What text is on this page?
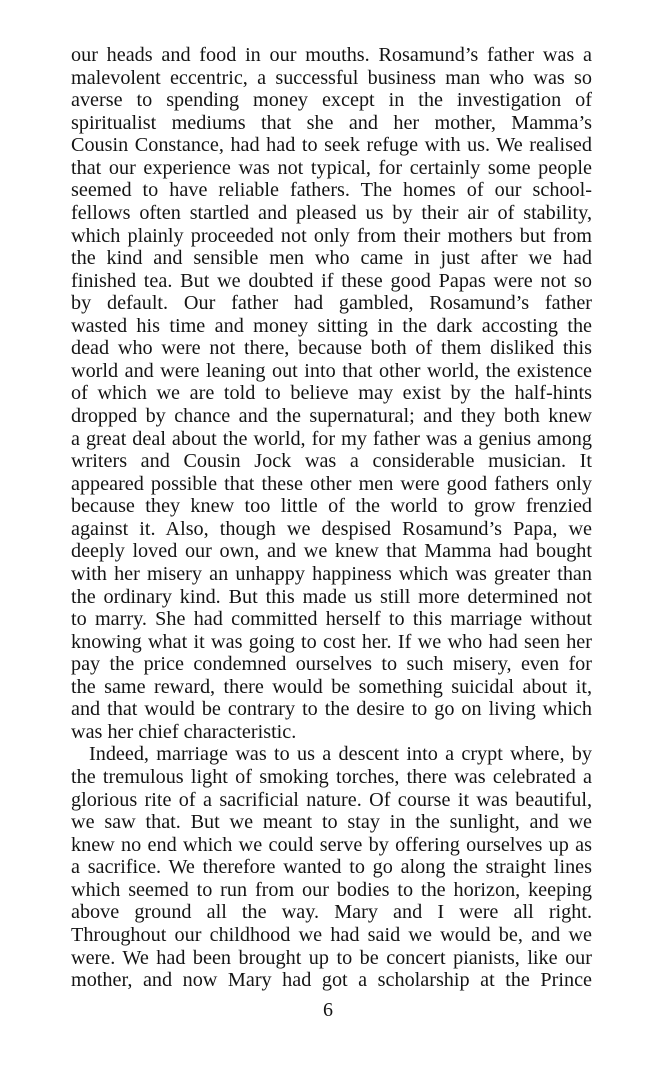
our heads and food in our mouths. Rosamund’s father was a
malevolent eccentric, a successful business man who was so
averse to spending money except in the investigation of
spiritualist mediums that she and her mother, Mamma’s
Cousin Constance, had had to seek refuge with us. We realised
that our experience was not typical, for certainly some people
seemed to have reliable fathers. The homes of our school-
fellows often startled and pleased us by their air of stability,
which plainly proceeded not only from their mothers but from
the kind and sensible men who came in just after we had
finished tea. But we doubted if these good Papas were not so
by default. Our father had gambled, Rosamund’s father
wasted his time and money sitting in the dark accosting the
dead who were not there, because both of them disliked this
world and were leaning out into that other world, the existence
of which we are told to believe may exist by the half-hints
dropped by chance and the supernatural; and they both knew
a great deal about the world, for my father was a genius among
writers and Cousin Jock was a considerable musician. It
appeared possible that these other men were good fathers only
because they knew too little of the world to grow frenzied
against it. Also, though we despised Rosamund’s Papa, we
deeply loved our own, and we knew that Mamma had bought
with her misery an unhappy happiness which was greater than
the ordinary kind. But this made us still more determined not
to marry. She had committed herself to this marriage without
knowing what it was going to cost her. If we who had seen her
pay the price condemned ourselves to such misery, even for
the same reward, there would be something suicidal about it,
and that would be contrary to the desire to go on living which
was her chief characteristic.
Indeed, marriage was to us a descent into a crypt where, by
the tremulous light of smoking torches, there was celebrated a
glorious rite of a sacrificial nature. Of course it was beautiful,
we saw that. But we meant to stay in the sunlight, and we
knew no end which we could serve by offering ourselves up as
a sacrifice. We therefore wanted to go along the straight lines
which seemed to run from our bodies to the horizon, keeping
above ground all the way. Mary and I were all right.
Throughout our childhood we had said we would be, and we
were. We had been brought up to be concert pianists, like our
mother, and now Mary had got a scholarship at the Prince
6
